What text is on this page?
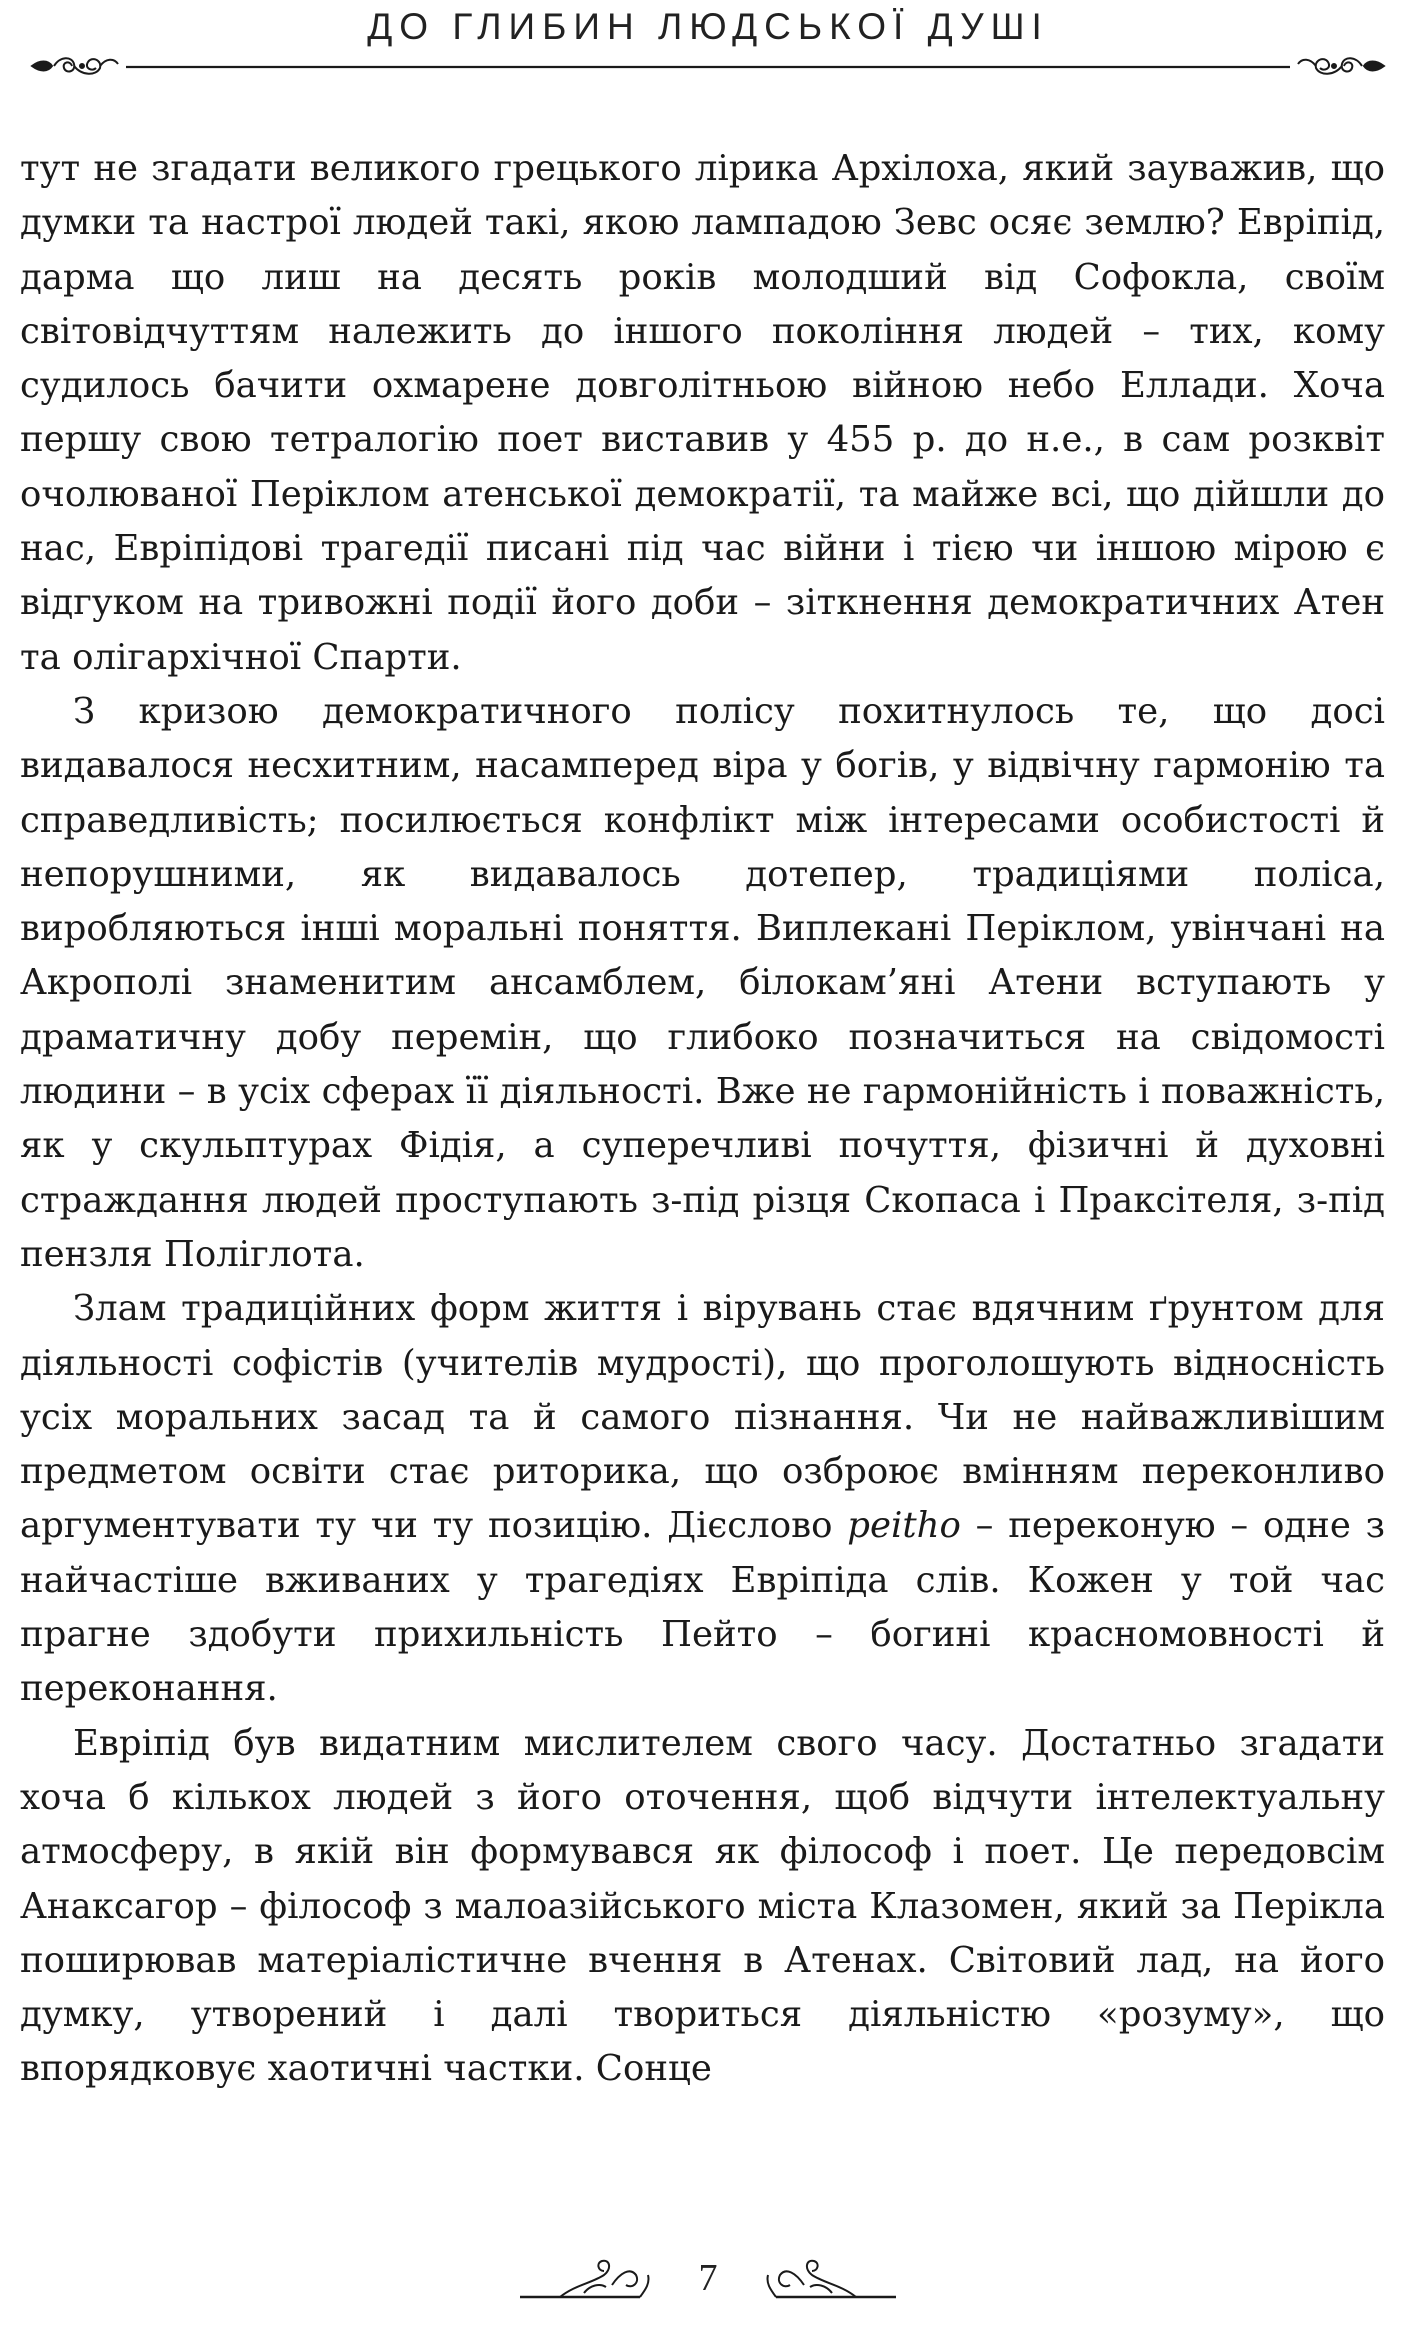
ДО ГЛИБИН ЛЮДСЬКОЇ ДУШІ

тут не згадати великого грецького лірика Архілоха, який зауважив, що думки та настрої людей такі, якою лампадою Зевс осяє землю? Евріпід, дарма що лиш на десять років молодший від Софокла, своїм світовідчуттям належить до іншого покоління людей – тих, кому судилось бачити охмарене довголітньою війною небо Еллади. Хоча першу свою тетралогію поет виставив у 455 р. до н.е., в сам розквіт очолюваної Періклом атенської демократії, та майже всі, що дійшли до нас, Евріпідові трагедії писані під час війни і тією чи іншою мірою є відгуком на тривожні події його доби – зіткнення демократичних Атен та олігархічної Спарти.

З кризою демократичного полісу похитнулось те, що досі видавалося несхитним, насамперед віра у богів, у відвічну гармонію та справедливість; посилюється конфлікт між інтересами особистості й непорушними, як видавалось дотепер, традиціями поліса, виробляються інші моральні поняття. Виплекані Періклом, увінчані на Акрополі знаменитим ансамблем, білокам’яні Атени вступають у драматичну добу перемін, що глибоко позначиться на свідомості людини – в усіх сферах її діяльності. Вже не гармонійність і поважність, як у скульптурах Фідія, а суперечливі почуття, фізичні й духовні страждання людей проступають з-під різця Скопаса і Праксітеля, з-під пензля Поліглота.

Злам традиційних форм життя і вірувань стає вдячним ґрунтом для діяльності софістів (учителів мудрості), що проголошують відносність усіх моральних засад та й самого пізнання. Чи не найважливішим предметом освіти стає риторика, що озброює вмінням переконливо аргументувати ту чи ту позицію. Дієслово peitho – переконую – одне з найчастіше вживаних у трагедіях Евріпіда слів. Кожен у той час прагне здобути прихильність Пейто – богині красномовності й переконання.

Евріпід був видатним мислителем свого часу. Достатньо згадати хоча б кількох людей з його оточення, щоб відчути інтелектуальну атмосферу, в якій він формувався як філософ і поет. Це передовсім Анаксагор – філософ з малоазійського міста Клазомен, який за Перікла поширював матеріалістичне вчення в Атенах. Світовий лад, на його думку, утворений і далі твориться діяльністю «розуму», що впорядковує хаотичні частки. Сонце

7
